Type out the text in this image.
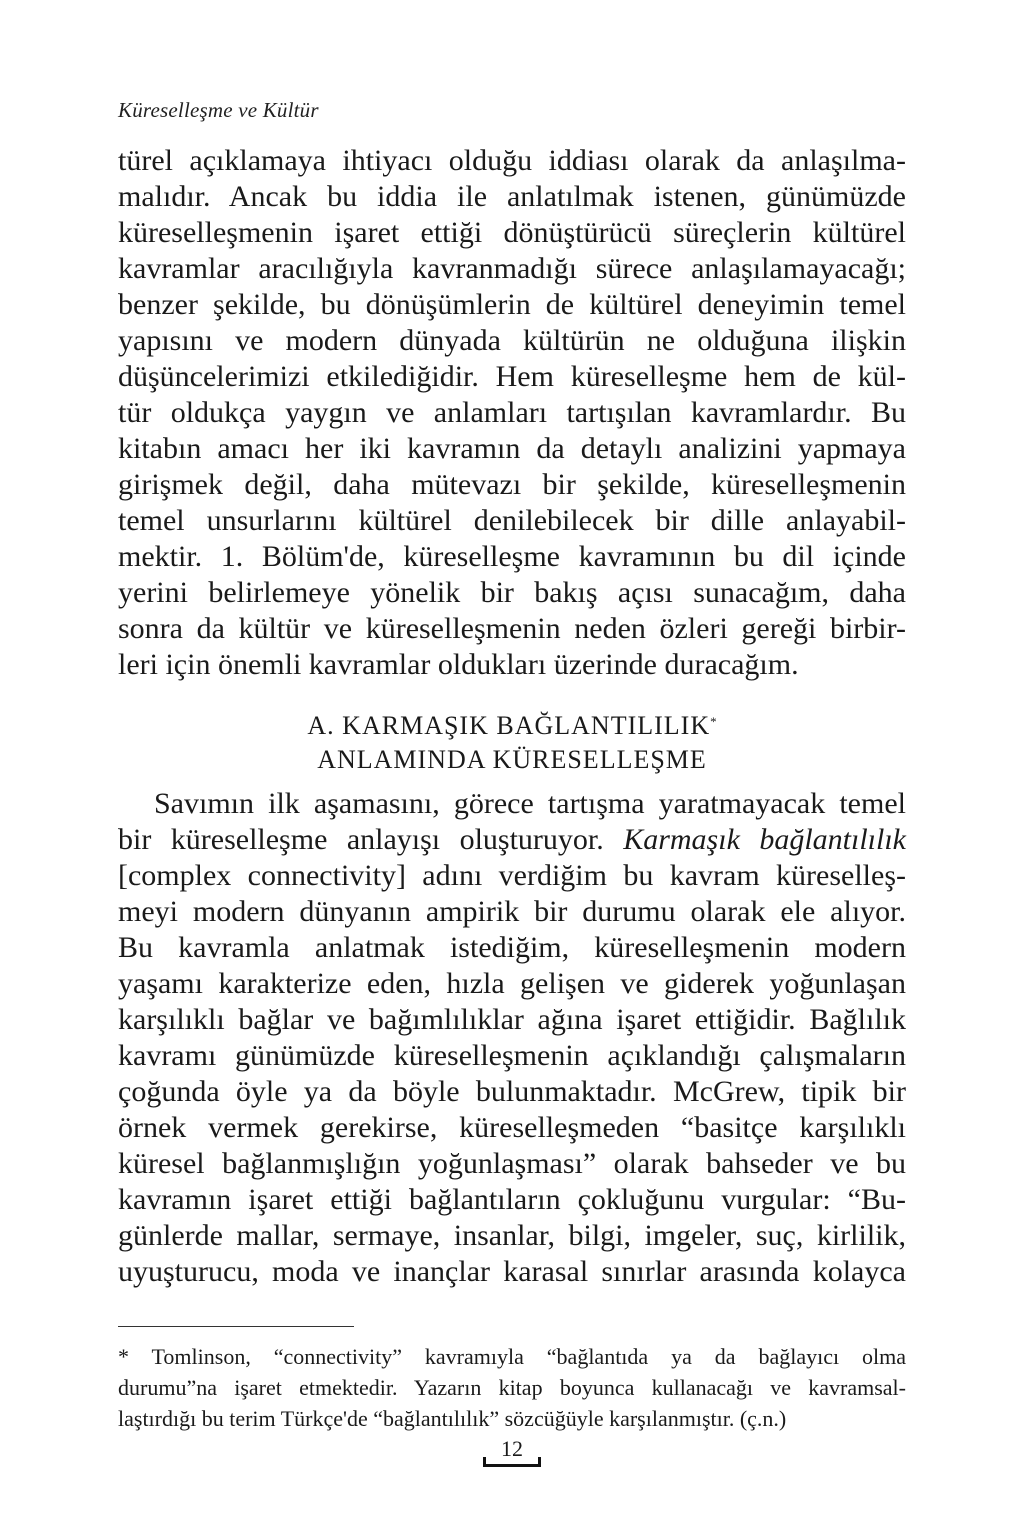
Küreselleşme ve Kültür
türel açıklamaya ihtiyacı olduğu iddiası olarak da anlaşılma-
malıdır. Ancak bu iddia ile anlatılmak istenen, günümüzde
küreselleşmenin işaret ettiği dönüştürücü süreçlerin kültürel
kavramlar aracılığıyla kavranmadığı sürece anlaşılamayacağı;
benzer şekilde, bu dönüşümlerin de kültürel deneyimin temel
yapısını ve modern dünyada kültürün ne olduğuna ilişkin
düşüncelerimizi etkilediğidir. Hem küreselleşme hem de kül-
tür oldukça yaygın ve anlamları tartışılan kavramlardır. Bu
kitabın amacı her iki kavramın da detaylı analizini yapmaya
girişmek değil, daha mütevazı bir şekilde, küreselleşmenin
temel unsurlarını kültürel denilebilecek bir dille anlayabil-
mektir. 1. Bölüm'de, küreselleşme kavramının bu dil içinde
yerini belirlemeye yönelik bir bakış açısı sunacağım, daha
sonra da kültür ve küreselleşmenin neden özleri gereği birbir-
leri için önemli kavramlar oldukları üzerinde duracağım.
A. KARMAŞIK BAĞLANTILILIK*
ANLAMINDA KÜRESELLEŞME
Savımın ilk aşamasını, görece tartışma yaratmayacak temel
bir küreselleşme anlayışı oluşturuyor. Karmaşık bağlantılılık
[complex connectivity] adını verdiğim bu kavram küreselleş-
meyi modern dünyanın ampirik bir durumu olarak ele alıyor.
Bu kavramla anlatmak istediğim, küreselleşmenin modern
yaşamı karakterize eden, hızla gelişen ve giderek yoğunlaşan
karşılıklı bağlar ve bağımlılıklar ağına işaret ettiğidir. Bağlılık
kavramı günümüzde küreselleşmenin açıklandığı çalışmaların
çoğunda öyle ya da böyle bulunmaktadır. McGrew, tipik bir
örnek vermek gerekirse, küreselleşmeden “basitçe karşılıklı
küresel bağlanmışlığın yoğunlaşması” olarak bahseder ve bu
kavramın işaret ettiği bağlantıların çokluğunu vurgular: “Bu-
günlerde mallar, sermaye, insanlar, bilgi, imgeler, suç, kirlilik,
uyuşturucu, moda ve inançlar karasal sınırlar arasında kolayca
* Tomlinson, “connectivity” kavramıyla “bağlantıda ya da bağlayıcı olma
durumu”na işaret etmektedir. Yazarın kitap boyunca kullanacağı ve kavramsal-
laştırdığı bu terim Türkçe'de “bağlantılılık” sözcüğüyle karşılanmıştır. (ç.n.)
12
